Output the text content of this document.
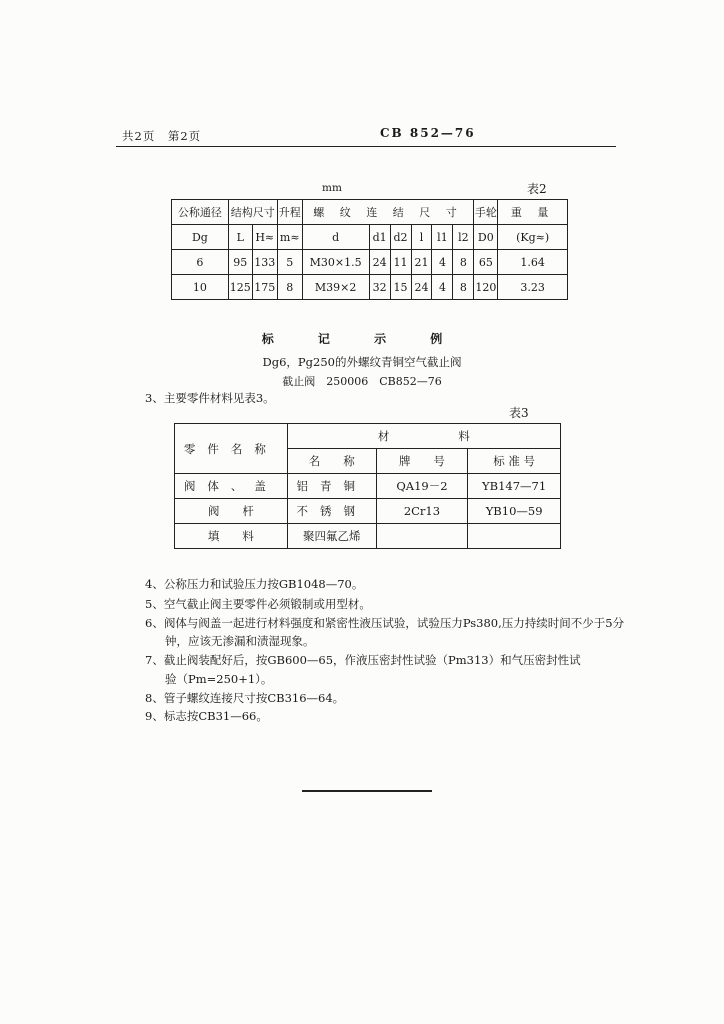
共2页　第2页	CB 852—76
mm	表2
公称通径	结构尺寸		升程	螺 纹 连 结 尺 寸						手轮	重 量
Dg	L	H≈	m≈	d	d1	d2	l	l1	l2	D0	(Kg≈)
6	95	133	5	M30×1.5	24	11	21	4	8	65	1.64
10	125	175	8	M39×2	32	15	24	4	8	120	3.23
标 记 示 例
Dg6，Pg250的外螺纹青铜空气截止阀
截止阀　250006　CB852—76
3、主要零件材料见表3。
表3
零件名称	材　　　　　　料		
	名　　称	牌　　号	标 准 号
阀体、盖	铝青铜	QA19－2	YB147—71
阀　　杆	不锈钢	2Cr13	YB10—59
填　　料	聚四氟乙烯		
4、公称压力和试验压力按GB1048—70。
5、空气截止阀主要零件必须锻制或用型材。
6、阀体与阀盖一起进行材料强度和紧密性液压试验，试验压力Ps380,压力持续时间不少于5分
钟，应该无渗漏和渍湿现象。
7、截止阀装配好后，按GB600—65，作液压密封性试验（Pm313）和气压密封性试
验（Pm=250+1）。
8、管子螺纹连接尺寸按CB316—64。
9、标志按CB31—66。
